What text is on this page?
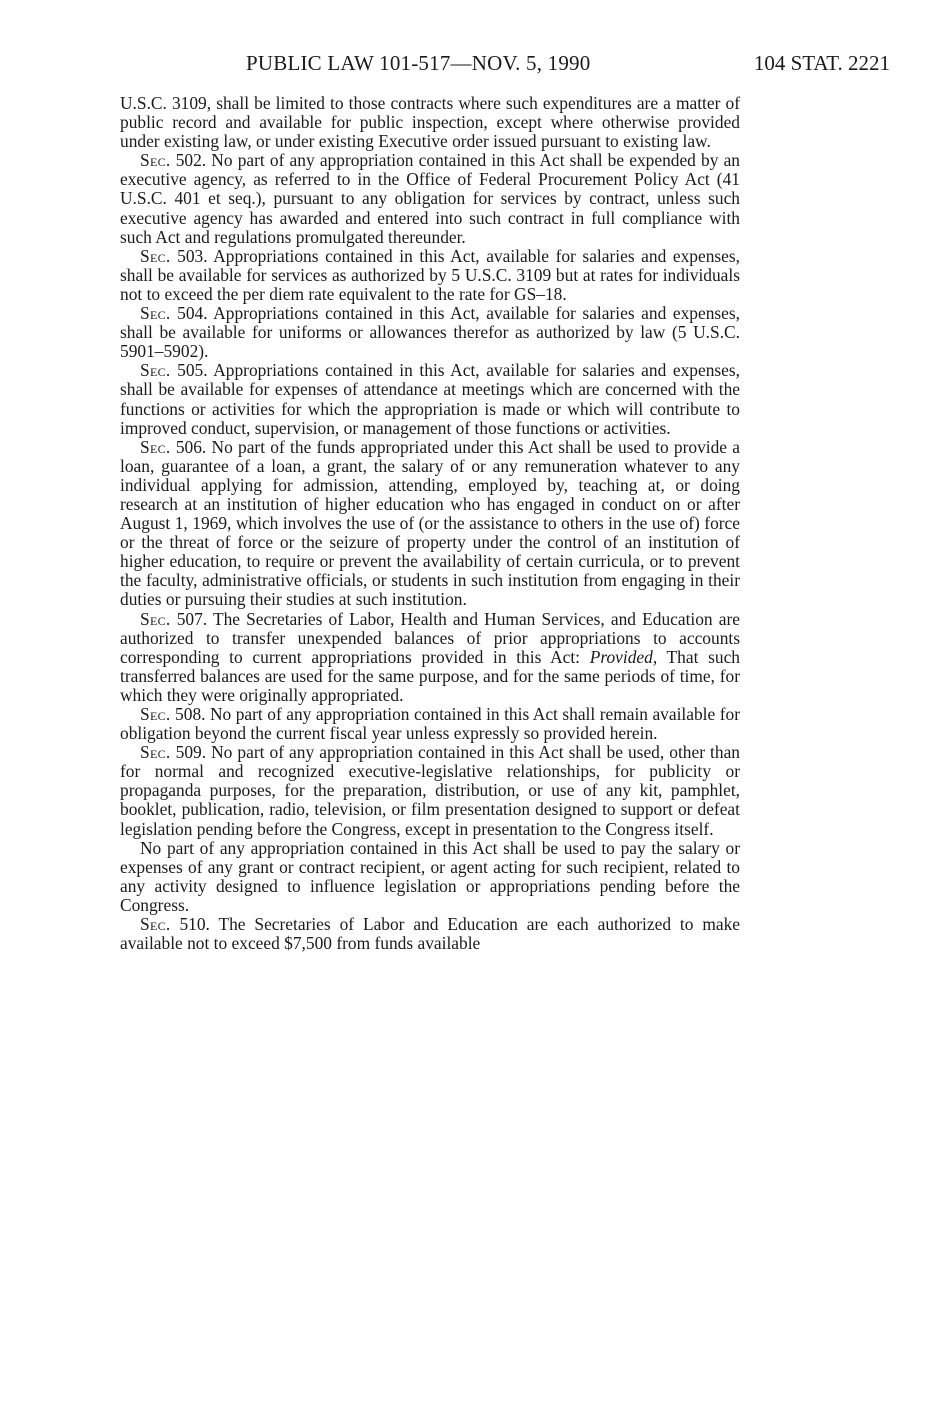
PUBLIC LAW 101-517—NOV. 5, 1990	104 STAT. 2221

U.S.C. 3109, shall be limited to those contracts where such expenditures are a matter of public record and available for public inspection, except where otherwise provided under existing law, or under existing Executive order issued pursuant to existing law.

Sec. 502. No part of any appropriation contained in this Act shall be expended by an executive agency, as referred to in the Office of Federal Procurement Policy Act (41 U.S.C. 401 et seq.), pursuant to any obligation for services by contract, unless such executive agency has awarded and entered into such contract in full compliance with such Act and regulations promulgated thereunder.

Sec. 503. Appropriations contained in this Act, available for salaries and expenses, shall be available for services as authorized by 5 U.S.C. 3109 but at rates for individuals not to exceed the per diem rate equivalent to the rate for GS–18.

Sec. 504. Appropriations contained in this Act, available for salaries and expenses, shall be available for uniforms or allowances therefor as authorized by law (5 U.S.C. 5901–5902).

Sec. 505. Appropriations contained in this Act, available for salaries and expenses, shall be available for expenses of attendance at meetings which are concerned with the functions or activities for which the appropriation is made or which will contribute to improved conduct, supervision, or management of those functions or activities.

Sec. 506. No part of the funds appropriated under this Act shall be used to provide a loan, guarantee of a loan, a grant, the salary of or any remuneration whatever to any individual applying for admission, attending, employed by, teaching at, or doing research at an institution of higher education who has engaged in conduct on or after August 1, 1969, which involves the use of (or the assistance to others in the use of) force or the threat of force or the seizure of property under the control of an institution of higher education, to require or prevent the availability of certain curricula, or to prevent the faculty, administrative officials, or students in such institution from engaging in their duties or pursuing their studies at such institution.

Sec. 507. The Secretaries of Labor, Health and Human Services, and Education are authorized to transfer unexpended balances of prior appropriations to accounts corresponding to current appropriations provided in this Act: Provided, That such transferred balances are used for the same purpose, and for the same periods of time, for which they were originally appropriated.

Sec. 508. No part of any appropriation contained in this Act shall remain available for obligation beyond the current fiscal year unless expressly so provided herein.

Sec. 509. No part of any appropriation contained in this Act shall be used, other than for normal and recognized executive-legislative relationships, for publicity or propaganda purposes, for the preparation, distribution, or use of any kit, pamphlet, booklet, publication, radio, television, or film presentation designed to support or defeat legislation pending before the Congress, except in presentation to the Congress itself.

No part of any appropriation contained in this Act shall be used to pay the salary or expenses of any grant or contract recipient, or agent acting for such recipient, related to any activity designed to influence legislation or appropriations pending before the Congress.

Sec. 510. The Secretaries of Labor and Education are each authorized to make available not to exceed $7,500 from funds available
